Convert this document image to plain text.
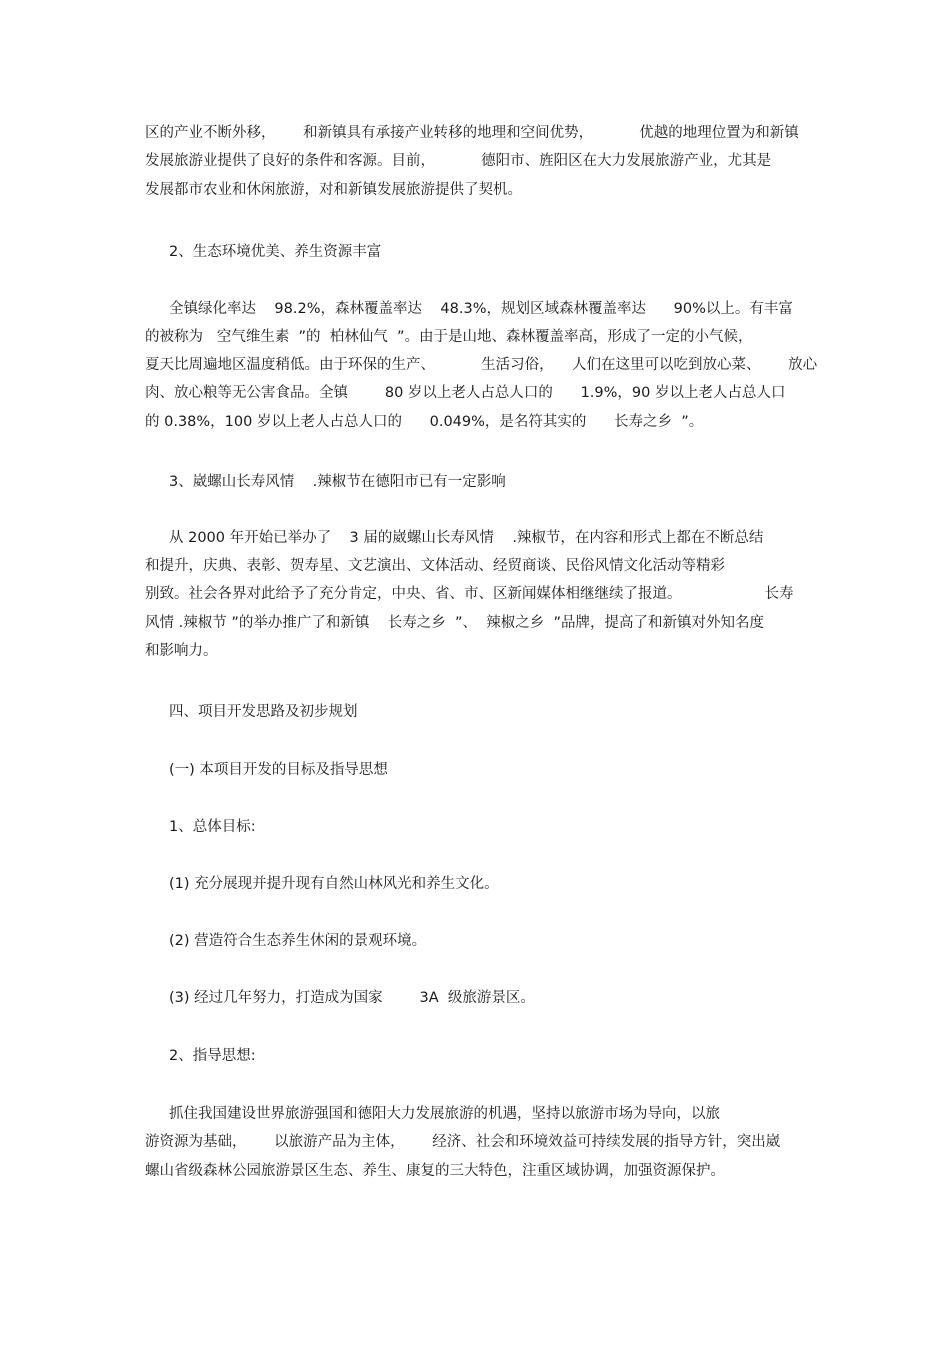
区的产业不断外移，      和新镇具有承接产业转移的地理和空间优势，          优越的地理位置为和新镇
发展旅游业提供了良好的条件和客源。目前，          德阳市、旌阳区在大力发展旅游产业，尤其是
发展都市农业和休闲旅游，对和新镇发展旅游提供了契机。
2、生态环境优美、养生资源丰富
全镇绿化率达    98.2%，森林覆盖率达    48.3%，规划区域森林覆盖率达      90%以上。有丰富
的被称为   空气维生素  ”的  柏林仙气  ”。由于是山地、森林覆盖率高，形成了一定的小气候，
夏天比周遍地区温度稍低。由于环保的生产、          生活习俗，    人们在这里可以吃到放心菜、      放心
肉、放心粮等无公害食品。全镇        80 岁以上老人占总人口的      1.9%，90 岁以上老人占总人口
的 0.38%，100 岁以上老人占总人口的      0.049%，是名符其实的      长寿之乡  ”。
3、崴螺山长寿风情    .辣椒节在德阳市已有一定影响
从 2000 年开始已举办了    3 届的崴螺山长寿风情    .辣椒节，在内容和形式上都在不断总结
和提升，庆典、表彰、贺寿星、文艺演出、文体活动、经贸商谈、民俗风情文化活动等精彩
别致。社会各界对此给予了充分肯定，中央、省、市、区新闻媒体相继继续了报道。                  长寿
风情 .辣椒节 ”的举办推广了和新镇    长寿之乡  ”、  辣椒之乡  ”品牌，提高了和新镇对外知名度
和影响力。
四、项目开发思路及初步规划
(一) 本项目开发的目标及指导思想
1、总体目标:
(1) 充分展现并提升现有自然山林风光和养生文化。
(2) 营造符合生态养生休闲的景观环境。
(3) 经过几年努力，打造成为国家        3A  级旅游景区。
2、指导思想:
抓住我国建设世界旅游强国和德阳大力发展旅游的机遇，坚持以旅游市场为导向，以旅
游资源为基础，      以旅游产品为主体，      经济、社会和环境效益可持续发展的指导方针，突出崴
螺山省级森林公园旅游景区生态、养生、康复的三大特色，注重区域协调，加强资源保护。
